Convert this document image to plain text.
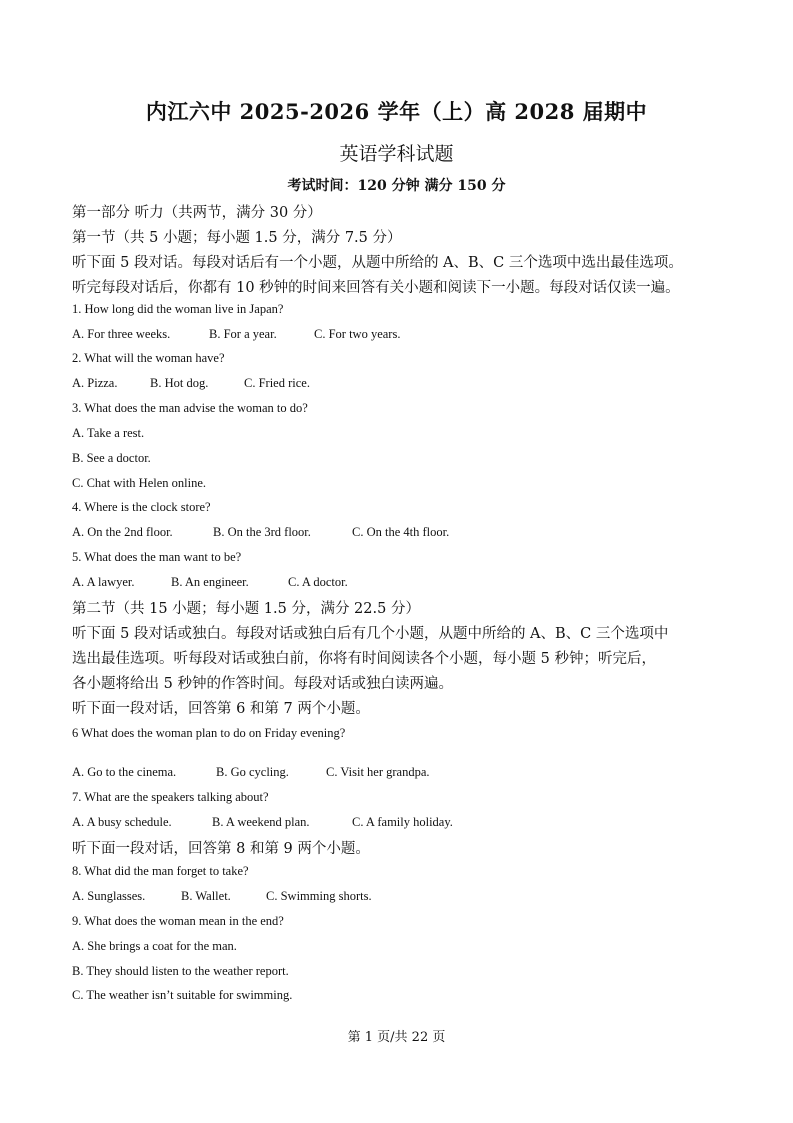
内江六中 2025-2026 学年（上）高 2028 届期中
英语学科试题
考试时间：120 分钟 满分 150 分
第一部分 听力（共两节，满分 30 分）
第一节（共 5 小题；每小题 1.5 分，满分 7.5 分）
听下面 5 段对话。每段对话后有一个小题，从题中所给的 A、B、C 三个选项中选出最佳选项。
听完每段对话后，你都有 10 秒钟的时间来回答有关小题和阅读下一小题。每段对话仅读一遍。
1. How long did the woman live in Japan?
A. For three weeks.	B. For a year.	C. For two years.
2. What will the woman have?
A. Pizza.	B. Hot dog.	C. Fried rice.
3. What does the man advise the woman to do?
A. Take a rest.
B. See a doctor.
C. Chat with Helen online.
4. Where is the clock store?
A. On the 2nd floor.	B. On the 3rd floor.	C. On the 4th floor.
5. What does the man want to be?
A. A lawyer.	B. An engineer.	C. A doctor.
第二节（共 15 小题；每小题 1.5 分，满分 22.5 分）
听下面 5 段对话或独白。每段对话或独白后有几个小题，从题中所给的 A、B、C 三个选项中
选出最佳选项。听每段对话或独白前，你将有时间阅读各个小题，每小题 5 秒钟；听完后，
各小题将给出 5 秒钟的作答时间。每段对话或独白读两遍。
听下面一段对话，回答第 6 和第 7 两个小题。
6 What does the woman plan to do on Friday evening?
A. Go to the cinema.	B. Go cycling.	C. Visit her grandpa.
7. What are the speakers talking about?
A. A busy schedule.	B. A weekend plan.	C. A family holiday.
听下面一段对话，回答第 8 和第 9 两个小题。
8. What did the man forget to take?
A. Sunglasses.	B. Wallet.	C. Swimming shorts.
9. What does the woman mean in the end?
A. She brings a coat for the man.
B. They should listen to the weather report.
C. The weather isn’t suitable for swimming.
第 1 页/共 22 页
